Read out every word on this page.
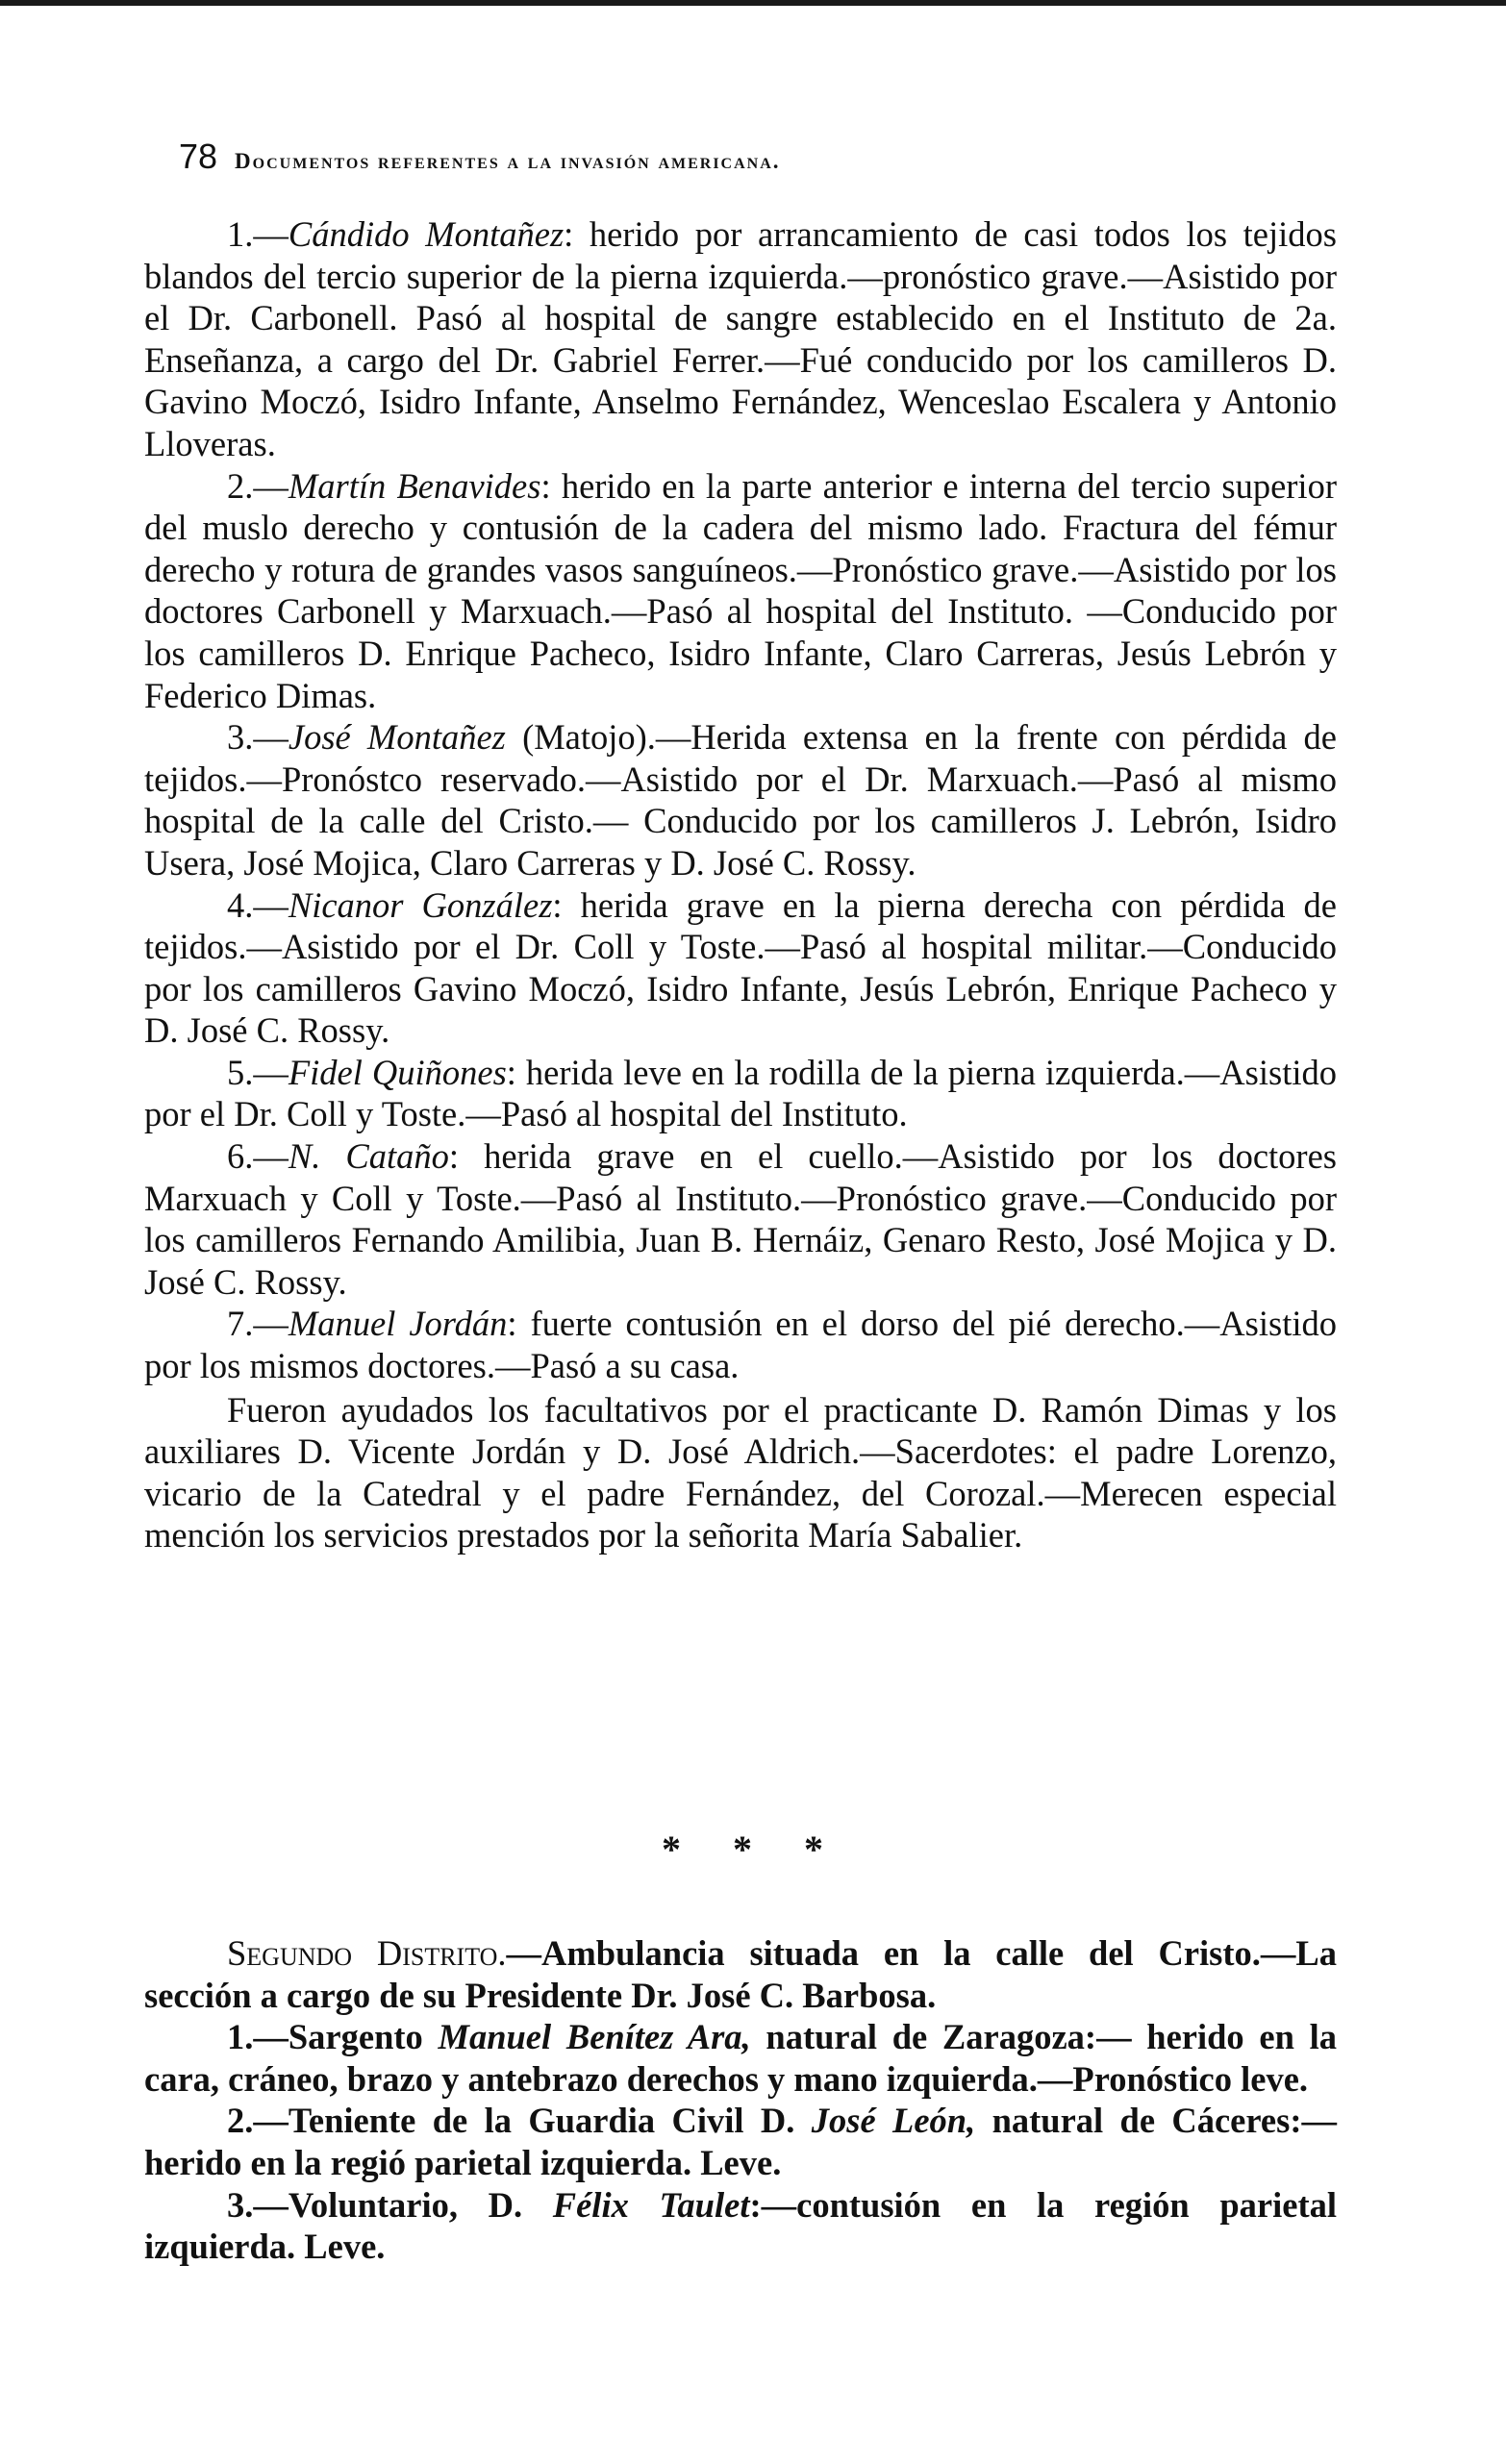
78 Documentos referentes a la invasión americana.

1.—Cándido Montañez: herido por arrancamiento de casi todos los tejidos blandos del tercio superior de la pierna izquierda.—pronóstico grave.—Asistido por el Dr. Carbonell. Pasó al hospital de sangre establecido en el Instituto de 2a. Enseñanza, a cargo del Dr. Gabriel Ferrer.—Fué conducido por los camilleros D. Gavino Moczó, Isidro Infante, Anselmo Fernández, Wenceslao Escalera y Antonio Lloveras.

2.—Martín Benavides: herido en la parte anterior e interna del tercio superior del muslo derecho y contusión de la cadera del mismo lado. Fractura del fémur derecho y rotura de grandes vasos sanguíneos.—Pronóstico grave.—Asistido por los doctores Carbonell y Marxuach.—Pasó al hospital del Instituto. —Conducido por los camilleros D. Enrique Pacheco, Isidro Infante, Claro Carreras, Jesús Lebrón y Federico Dimas.

3.—José Montañez (Matojo).—Herida extensa en la frente con pérdida de tejidos.—Pronóstco reservado.—Asistido por el Dr. Marxuach.—Pasó al mismo hospital de la calle del Cristo.— Conducido por los camilleros J. Lebrón, Isidro Usera, José Mojica, Claro Carreras y D. José C. Rossy.

4.—Nicanor González: herida grave en la pierna derecha con pérdida de tejidos.—Asistido por el Dr. Coll y Toste.—Pasó al hospital militar.—Conducido por los camilleros Gavino Moczó, Isidro Infante, Jesús Lebrón, Enrique Pacheco y D. José C. Rossy.

5.—Fidel Quiñones: herida leve en la rodilla de la pierna izquierda.—Asistido por el Dr. Coll y Toste.—Pasó al hospital del Instituto.

6.—N. Cataño: herida grave en el cuello.—Asistido por los doctores Marxuach y Coll y Toste.—Pasó al Instituto.—Pronóstico grave.—Conducido por los camilleros Fernando Amilibia, Juan B. Hernáiz, Genaro Resto, José Mojica y D. José C. Rossy.

7.—Manuel Jordán: fuerte contusión en el dorso del pié derecho.—Asistido por los mismos doctores.—Pasó a su casa.

Fueron ayudados los facultativos por el practicante D. Ramón Dimas y los auxiliares D. Vicente Jordán y D. José Aldrich.—Sacerdotes: el padre Lorenzo, vicario de la Catedral y el padre Fernández, del Corozal.—Merecen especial mención los servicios prestados por la señorita María Sabalier.

* * *

Segundo Distrito.—Ambulancia situada en la calle del Cristo.—La sección a cargo de su Presidente Dr. José C. Barbosa.

1.—Sargento Manuel Benítez Ara, natural de Zaragoza:— herido en la cara, cráneo, brazo y antebrazo derechos y mano izquierda.—Pronóstico leve.

2.—Teniente de la Guardia Civil D. José León, natural de Cáceres:—herido en la regió parietal izquierda. Leve.

3.—Voluntario, D. Félix Taulet:—contusión en la región parietal izquierda. Leve.
